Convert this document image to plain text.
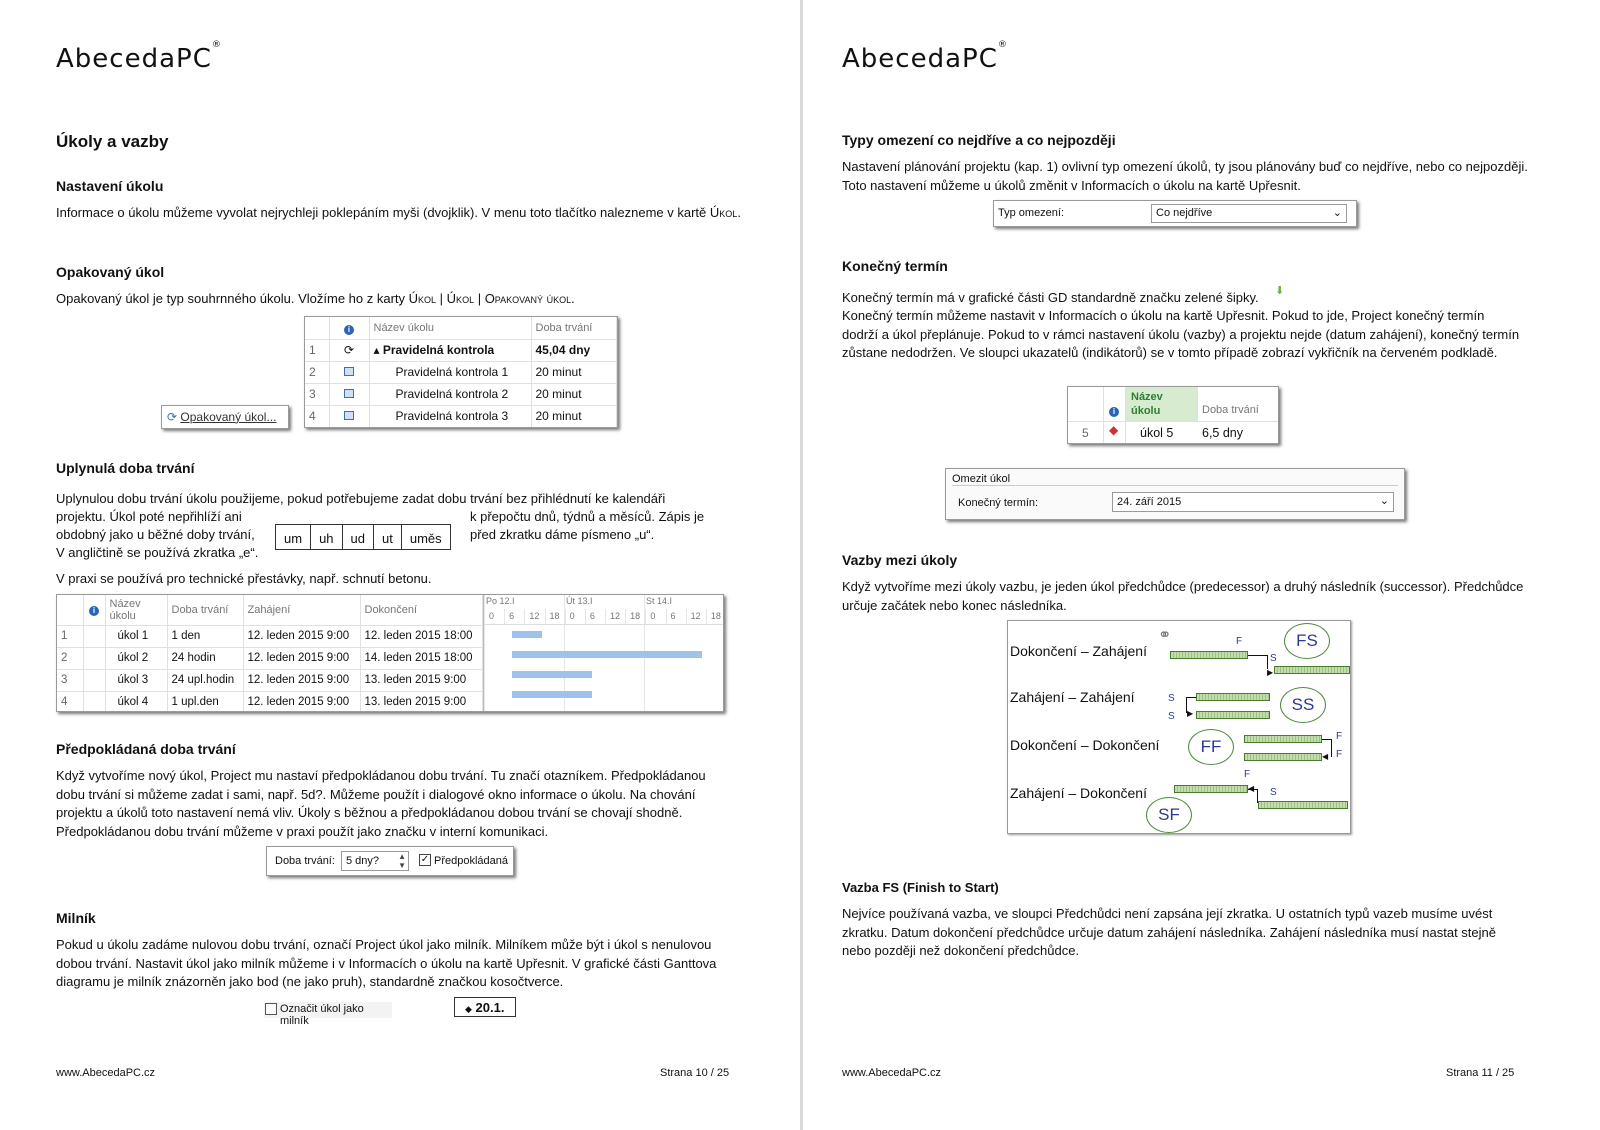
AbecedaPC®
Úkoly a vazby
Nastavení úkolu
Informace o úkolu můžeme vyvolat nejrychleji poklepáním myši (dvojklik). V menu toto tlačítko nalezneme v kartě Úkol.
Opakovaný úkol
Opakovaný úkol je typ souhrnného úkolu. Vložíme ho z karty Úkol | Úkol | Opakovaný úkol.
⟳ Opakovaný úkol...
	i	Název úkolu	Doba trvání
1	⟳	▴ Pravidelná kontrola	45,04 dny
2		Pravidelná kontrola 1	20 minut
3		Pravidelná kontrola 2	20 minut
4		Pravidelná kontrola 3	20 minut
Uplynulá doba trvání
Uplynulou dobu trvání úkolu použijeme, pokud potřebujeme zadat dobu trvání bez přihlédnutí ke kalendáři
projektu. Úkol poté nepřihlíží ani	k přepočtu dnů, týdnů a měsíců. Zápis je
obdobný jako u běžné doby trvání,	před zkratku dáme písmeno „u“.
V angličtině se používá zkratka „e“.
um	uh	ud	ut	uměs
V praxi se používá pro technické přestávky, např. schnutí betonu.
	i	Název úkolu	Doba trvání	Zahájení	Dokončení
1		úkol 1	1 den	12. leden 2015 9:00	12. leden 2015 18:00
2		úkol 2	24 hodin	12. leden 2015 9:00	14. leden 2015 18:00
3		úkol 3	24 upl.hodin	12. leden 2015 9:00	13. leden 2015 9:00
4		úkol 4	1 upl.den	12. leden 2015 9:00	13. leden 2015 9:00
Po 12.I	Út 13.I	St 14.I
0 6 12 18 0 6 12 18 0 6 12 18
Předpokládaná doba trvání
Když vytvoříme nový úkol, Project mu nastaví předpokládanou dobu trvání. Tu značí otazníkem. Předpokládanou dobu trvání si můžeme zadat i sami, např. 5d?. Můžeme použít i dialogové okno informace o úkolu. Na chování projektu a úkolů toto nastavení nemá vliv. Úkoly s běžnou a předpokládanou dobou trvání se chovají shodně. Předpokládanou dobu trvání můžeme v praxi použít jako značku v interní komunikaci.
Doba trvání:	5 dny? ▲
▼
✓ Předpokládaná
Milník
Pokud u úkolu zadáme nulovou dobu trvání, označí Project úkol jako milník. Milníkem může být i úkol s nenulovou dobou trvání. Nastavit úkol jako milník můžeme i v Informacích o úkolu na kartě Upřesnit. V grafické části Ganttova diagramu je milník znázorněn jako bod (ne jako pruh), standardně značkou kosočtverce.
Označit úkol jako milník
◆ 20.1.
www.AbecedaPC.cz	Strana 10 / 25
AbecedaPC®
Typy omezení co nejdříve a co nejpozději
Nastavení plánování projektu (kap. 1) ovlivní typ omezení úkolů, ty jsou plánovány buď co nejdříve, nebo co nejpozději. Toto nastavení můžeme u úkolů změnit v Informacích o úkolu na kartě Upřesnit.
Typ omezení:	Co nejdříve	⌄
Konečný termín
Konečný termín má v grafické části GD standardně značku zelené šipky. ⬇
Konečný termín můžeme nastavit v Informacích o úkolu na kartě Upřesnit. Pokud to jde, Project konečný termín dodrží a úkol přeplánuje. Pokud to v rámci nastavení úkolu (vazby) a projektu nejde (datum zahájení), konečný termín zůstane nedodržen. Ve sloupci ukazatelů (indikátorů) se v tomto případě zobrazí vykřičník na červeném podkladě.
i
Název úkolu	Doba trvání
5 ◆ úkol 5 6,5 dny
Omezit úkol
Konečný termín:	24. září 2015	⌄
Vazby mezi úkoly
Když vytvoříme mezi úkoly vazbu, je jeden úkol předchůdce (predecessor) a druhý následník (successor). Předchůdce určuje začátek nebo konec následníka.
Dokončení – Zahájení
⚭	F
S
▶
FS
Zahájení – Zahájení	S
S ▶	SS
Dokončení – Dokončení	FF
◀
F
F
Zahájení – Dokončení
F
◀ S
SF
Vazba FS (Finish to Start)
Nejvíce používaná vazba, ve sloupci Předchůdci není zapsána její zkratka. U ostatních typů vazeb musíme uvést zkratku. Datum dokončení předchůdce určuje datum zahájení následníka. Zahájení následníka musí nastat stejně nebo později než dokončení předchůdce.
www.AbecedaPC.cz	Strana 11 / 25
